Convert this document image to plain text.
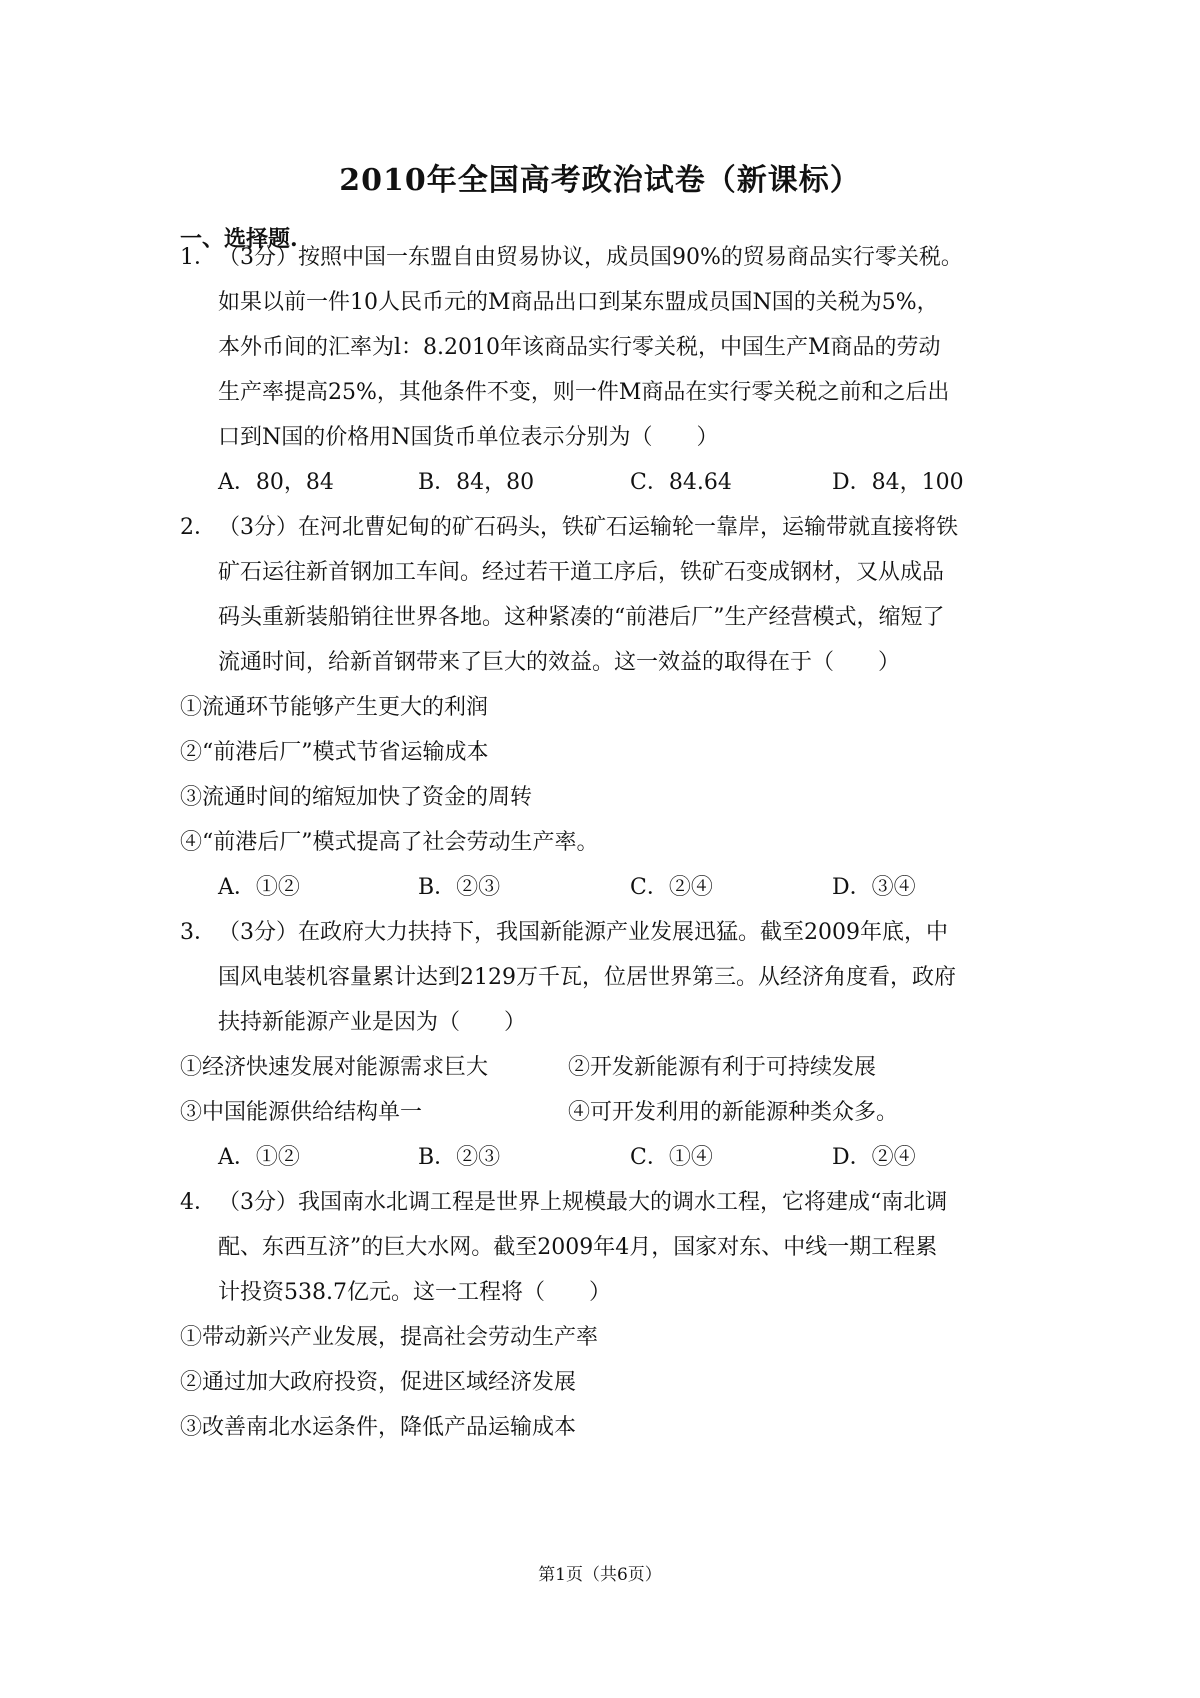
2010年全国高考政治试卷（新课标）
一、选择题.
1． （3分）按照中国一东盟自由贸易协议，成员国90%的贸易商品实行零关税。
如果以前一件10人民币元的M商品出口到某东盟成员国N国的关税为5%，
本外币间的汇率为l：8.2010年该商品实行零关税，中国生产M商品的劳动
生产率提高25%，其他条件不变，则一件M商品在实行零关税之前和之后出
口到N国的价格用N国货币单位表示分别为（　　）
A．80，84	B．84，80	C．84.64	D．84，100
2． （3分）在河北曹妃甸的矿石码头，铁矿石运输轮一靠岸，运输带就直接将铁
矿石运往新首钢加工车间。经过若干道工序后，铁矿石变成钢材，又从成品
码头重新装船销往世界各地。这种紧凑的“前港后厂”生产经营模式，缩短了
流通时间，给新首钢带来了巨大的效益。这一效益的取得在于（　　）
①流通环节能够产生更大的利润
②“前港后厂”模式节省运输成本
③流通时间的缩短加快了资金的周转
④“前港后厂”模式提高了社会劳动生产率。
A．①②	B．②③	C．②④	D．③④
3． （3分）在政府大力扶持下，我国新能源产业发展迅猛。截至2009年底，中
国风电装机容量累计达到2129万千瓦，位居世界第三。从经济角度看，政府
扶持新能源产业是因为（　　）
①经济快速发展对能源需求巨大	②开发新能源有利于可持续发展
③中国能源供给结构单一	④可开发利用的新能源种类众多。
A．①②	B．②③	C．①④	D．②④
4． （3分）我国南水北调工程是世界上规模最大的调水工程，它将建成“南北调
配、东西互济”的巨大水网。截至2009年4月，国家对东、中线一期工程累
计投资538.7亿元。这一工程将（　　）
①带动新兴产业发展，提高社会劳动生产率
②通过加大政府投资，促进区域经济发展
③改善南北水运条件，降低产品运输成本
第1页（共6页）
